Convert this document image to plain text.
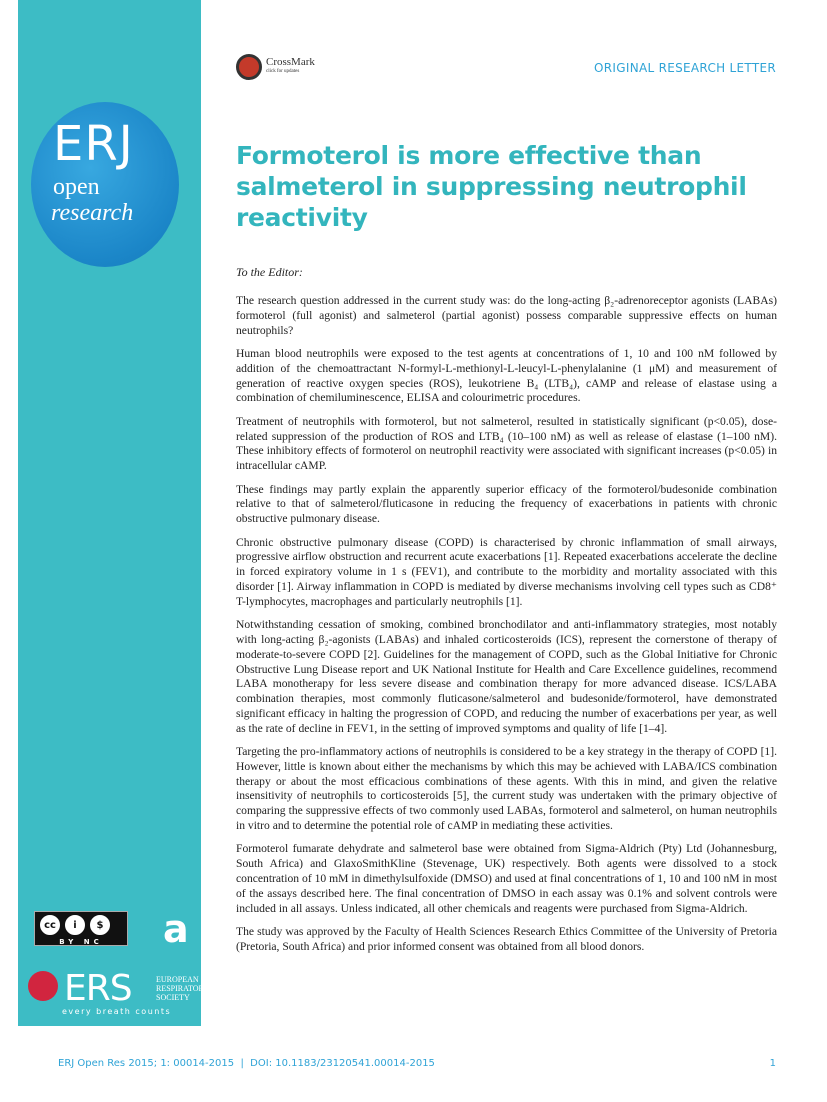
ERJ
open
research
cc	i	$
BY NC	a
ERS	EUROPEAN
RESPIRATORY
SOCIETY
every breath counts
CrossMark
click for updates	ORIGINAL RESEARCH LETTER
Formoterol is more effective than salmeterol in suppressing neutrophil reactivity
To the Editor:

The research question addressed in the current study was: do the long-acting β₂-adrenoreceptor agonists (LABAs) formoterol (full agonist) and salmeterol (partial agonist) possess comparable suppressive effects on human neutrophils?

Human blood neutrophils were exposed to the test agents at concentrations of 1, 10 and 100 nM followed by addition of the chemoattractant N-formyl-L-methionyl-L-leucyl-L-phenylalanine (1 μM) and measurement of generation of reactive oxygen species (ROS), leukotriene B₄ (LTB₄), cAMP and release of elastase using a combination of chemiluminescence, ELISA and colourimetric procedures.

Treatment of neutrophils with formoterol, but not salmeterol, resulted in statistically significant (p<0.05), dose-related suppression of the production of ROS and LTB₄ (10–100 nM) as well as release of elastase (1–100 nM). These inhibitory effects of formoterol on neutrophil reactivity were associated with significant increases (p<0.05) in intracellular cAMP.

These findings may partly explain the apparently superior efficacy of the formoterol/budesonide combination relative to that of salmeterol/fluticasone in reducing the frequency of exacerbations in patients with chronic obstructive pulmonary disease.

Chronic obstructive pulmonary disease (COPD) is characterised by chronic inflammation of small airways, progressive airflow obstruction and recurrent acute exacerbations [1]. Repeated exacerbations accelerate the decline in forced expiratory volume in 1 s (FEV1), and contribute to the morbidity and mortality associated with this disorder [1]. Airway inflammation in COPD is mediated by diverse mechanisms involving cell types such as CD8⁺ T-lymphocytes, macrophages and particularly neutrophils [1].

Notwithstanding cessation of smoking, combined bronchodilator and anti-inflammatory strategies, most notably with long-acting β₂-agonists (LABAs) and inhaled corticosteroids (ICS), represent the cornerstone of therapy of moderate-to-severe COPD [2]. Guidelines for the management of COPD, such as the Global Initiative for Chronic Obstructive Lung Disease report and UK National Institute for Health and Care Excellence guidelines, recommend LABA monotherapy for less severe disease and combination therapy for more advanced disease. ICS/LABA combination therapies, most commonly fluticasone/salmeterol and budesonide/formoterol, have demonstrated significant efficacy in halting the progression of COPD, and reducing the number of exacerbations per year, as well as the rate of decline in FEV1, in the setting of improved symptoms and quality of life [1–4].

Targeting the pro-inflammatory actions of neutrophils is considered to be a key strategy in the therapy of COPD [1]. However, little is known about either the mechanisms by which this may be achieved with LABA/ICS combination therapy or about the most efficacious combinations of these agents. With this in mind, and given the relative insensitivity of neutrophils to corticosteroids [5], the current study was undertaken with the primary objective of comparing the suppressive effects of two commonly used LABAs, formoterol and salmeterol, on human neutrophils in vitro and to determine the potential role of cAMP in mediating these activities.

Formoterol fumarate dehydrate and salmeterol base were obtained from Sigma-Aldrich (Pty) Ltd (Johannesburg, South Africa) and GlaxoSmithKline (Stevenage, UK) respectively. Both agents were dissolved to a stock concentration of 10 mM in dimethylsulfoxide (DMSO) and used at final concentrations of 1, 10 and 100 nM in most of the assays described here. The final concentration of DMSO in each assay was 0.1% and solvent controls were included in all assays. Unless indicated, all other chemicals and reagents were purchased from Sigma-Aldrich.

The study was approved by the Faculty of Health Sciences Research Ethics Committee of the University of Pretoria (Pretoria, South Africa) and prior informed consent was obtained from all blood donors.

ERJ Open Res 2015; 1: 00014-2015  |  DOI: 10.1183/23120541.00014-2015	1
